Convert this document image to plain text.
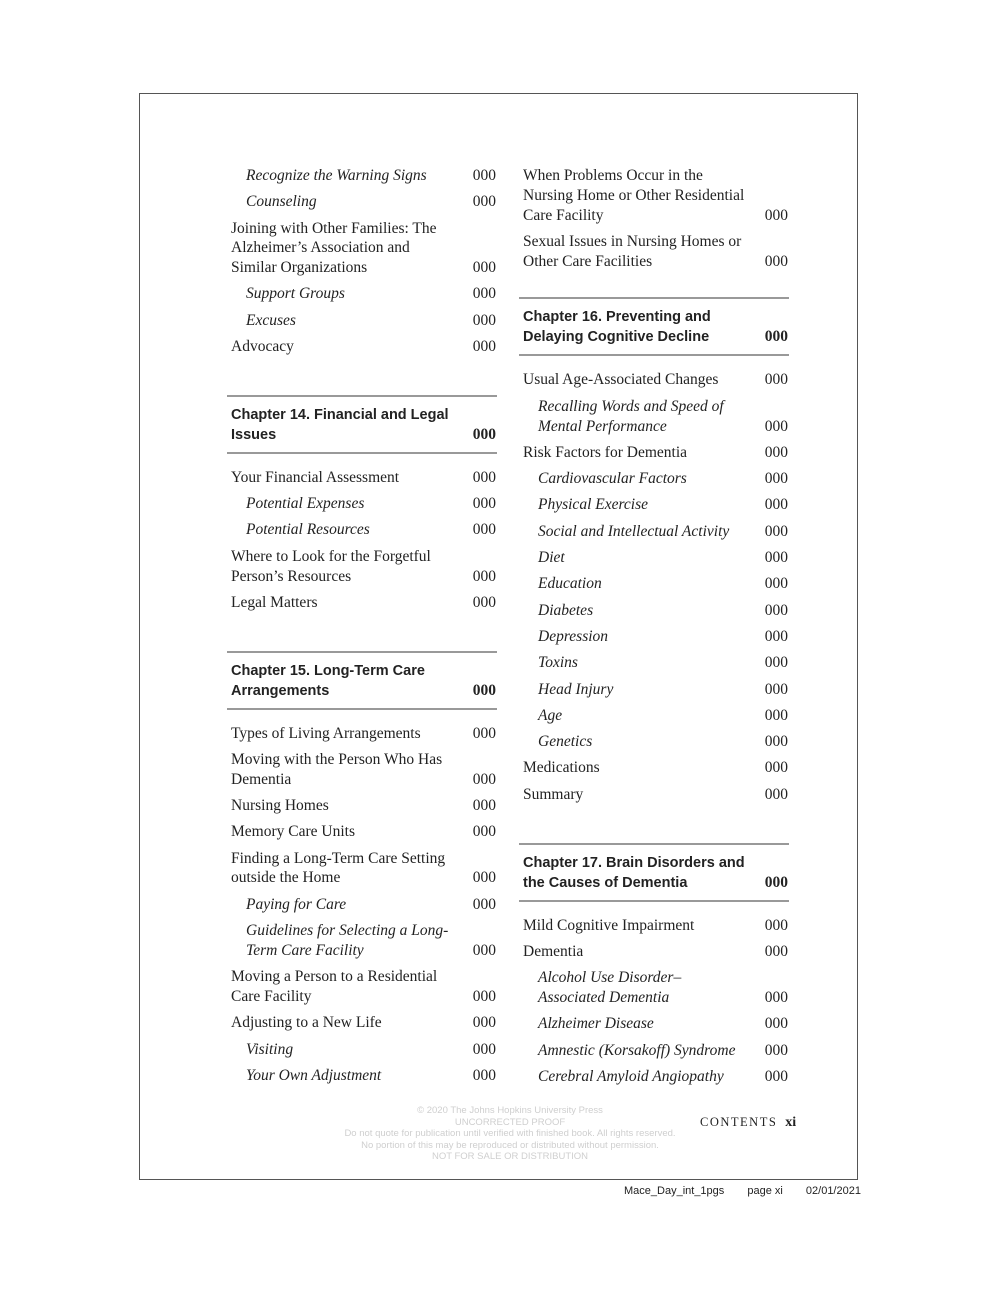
Recognize the Warning Signs	000
Counseling	000
Joining with Other Families: The Alzheimer’s Association and Similar Organizations	000
Support Groups	000
Excuses	000
Advocacy	000
Chapter 14. Financial and Legal Issues	000
Your Financial Assessment	000
Potential Expenses	000
Potential Resources	000
Where to Look for the Forgetful Person’s Resources	000
Legal Matters	000
Chapter 15. Long-Term Care Arrangements	000
Types of Living Arrangements	000
Moving with the Person Who Has Dementia	000
Nursing Homes	000
Memory Care Units	000
Finding a Long-Term Care Setting outside the Home	000
Paying for Care	000
Guidelines for Selecting a Long-Term Care Facility	000
Moving a Person to a Residential Care Facility	000
Adjusting to a New Life	000
Visiting	000
Your Own Adjustment	000
When Problems Occur in the Nursing Home or Other Residential Care Facility	000
Sexual Issues in Nursing Homes or Other Care Facilities	000
Chapter 16. Preventing and Delaying Cognitive Decline	000
Usual Age-Associated Changes	000
Recalling Words and Speed of Mental Performance	000
Risk Factors for Dementia	000
Cardiovascular Factors	000
Physical Exercise	000
Social and Intellectual Activity	000
Diet	000
Education	000
Diabetes	000
Depression	000
Toxins	000
Head Injury	000
Age	000
Genetics	000
Medications	000
Summary	000
Chapter 17. Brain Disorders and the Causes of Dementia	000
Mild Cognitive Impairment	000
Dementia	000
Alcohol Use Disorder–Associated Dementia	000
Alzheimer Disease	000
Amnestic (Korsakoff) Syndrome	000
Cerebral Amyloid Angiopathy	000
© 2020 The Johns Hopkins University Press
UNCORRECTED PROOF
Do not quote for publication until verified with finished book. All rights reserved.
No portion of this may be reproduced or distributed without permission.
NOT FOR SALE OR DISTRIBUTION
CONTENTS xi
Mace_Day_int_1pgs page xi 02/01/2021
